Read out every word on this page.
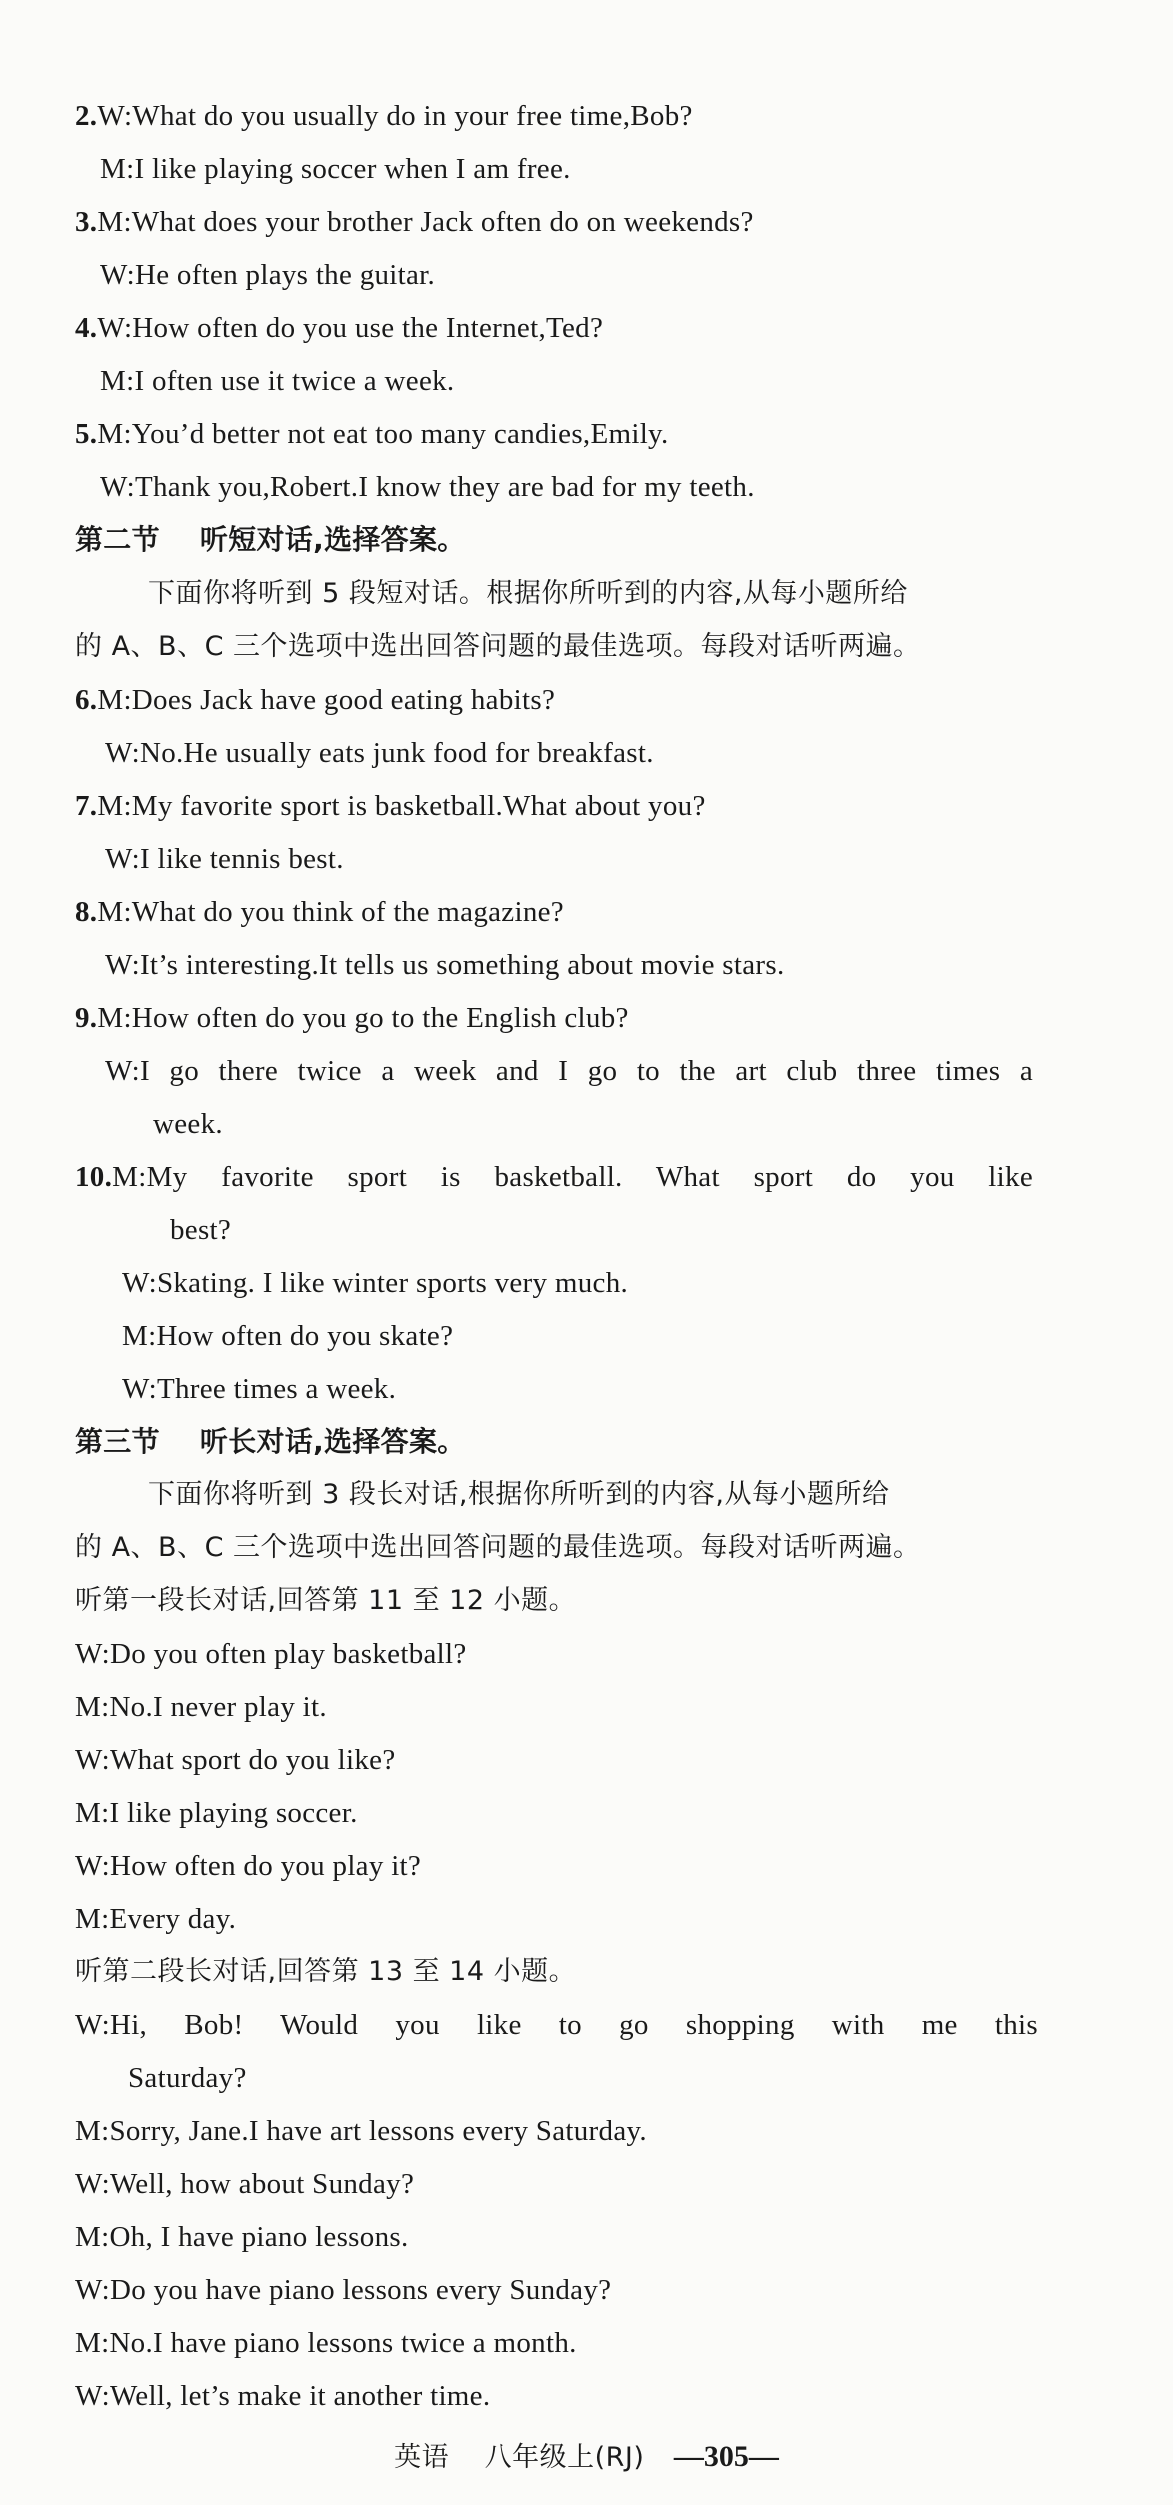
2.W:What do you usually do in your free time,Bob?
M:I like playing soccer when I am free.
3.M:What does your brother Jack often do on weekends?
W:He often plays the guitar.
4.W:How often do you use the Internet,Ted?
M:I often use it twice a week.
5.M:You’d better not eat too many candies,Emily.
W:Thank you,Robert.I know they are bad for my teeth.
第二节 听短对话,选择答案。
下面你将听到 5 段短对话。根据你所听到的内容,从每小题所给
的 A、B、C 三个选项中选出回答问题的最佳选项。每段对话听两遍。
6.M:Does Jack have good eating habits?
W:No.He usually eats junk food for breakfast.
7.M:My favorite sport is basketball.What about you?
W:I like tennis best.
8.M:What do you think of the magazine?
W:It’s interesting.It tells us something about movie stars.
9.M:How often do you go to the English club?
W:I go there twice a week and I go to the art club three times a
week.
10.M:My favorite sport is basketball. What sport do you like
best?
W:Skating. I like winter sports very much.
M:How often do you skate?
W:Three times a week.
第三节 听长对话,选择答案。
下面你将听到 3 段长对话,根据你所听到的内容,从每小题所给
的 A、B、C 三个选项中选出回答问题的最佳选项。每段对话听两遍。
听第一段长对话,回答第 11 至 12 小题。
W:Do you often play basketball?
M:No.I never play it.
W:What sport do you like?
M:I like playing soccer.
W:How often do you play it?
M:Every day.
听第二段长对话,回答第 13 至 14 小题。
W:Hi, Bob! Would you like to go shopping with me this
Saturday?
M:Sorry, Jane.I have art lessons every Saturday.
W:Well, how about Sunday?
M:Oh, I have piano lessons.
W:Do you have piano lessons every Sunday?
M:No.I have piano lessons twice a month.
W:Well, let’s make it another time.
英语 八年级上(RJ) —305—
